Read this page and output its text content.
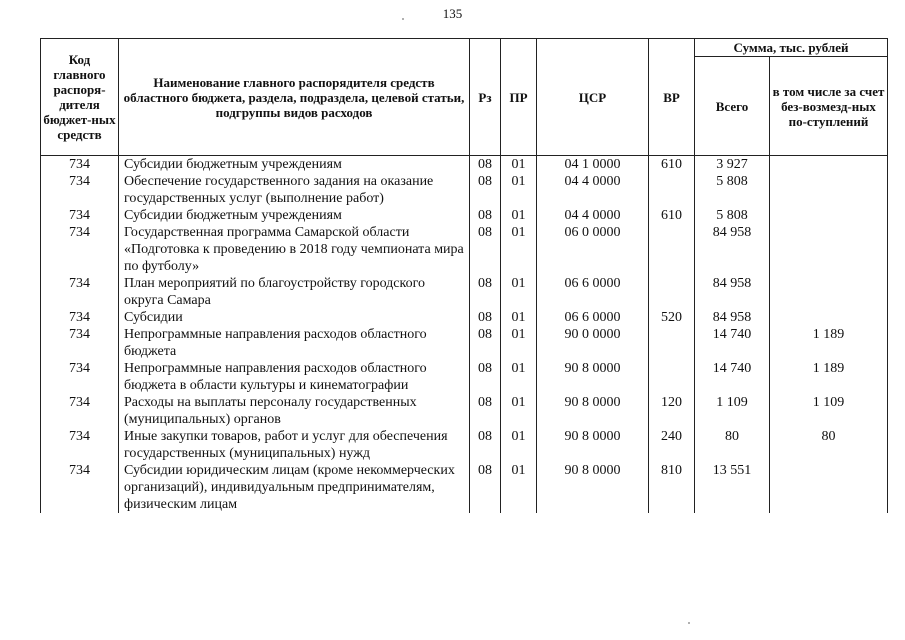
135
Код главного распоря-дителя бюджет-ных средств	Наименование главного распорядителя средств областного бюджета, раздела, подраздела, целевой статьи, подгруппы видов расходов	Рз	ПР	ЦСР	ВР	Сумма, тыс. рублей	
						Всего	в том числе за счет без-возмезд-ных по-ступлений
734	Субсидии бюджетным учреждениям	08	01	04 1 0000	610	3 927	
734	Обеспечение государственного задания на оказание государственных услуг (выполнение работ)	08	01	04 4 0000		5 808	
734	Субсидии бюджетным учреждениям	08	01	04 4 0000	610	5 808	
734	Государственная программа Самарской области «Подготовка к проведению в 2018 году чемпионата мира по футболу»	08	01	06 0 0000		84 958	
734	План мероприятий по благоустройству городского округа Самара	08	01	06 6 0000		84 958	
734	Субсидии	08	01	06 6 0000	520	84 958	
734	Непрограммные направления расходов областного бюджета	08	01	90 0 0000		14 740	1 189
734	Непрограммные направления расходов областного бюджета в области культуры и кинематографии	08	01	90 8 0000		14 740	1 189
734	Расходы на выплаты персоналу государственных (муниципальных) органов	08	01	90 8 0000	120	1 109	1 109
734	Иные закупки товаров, работ и услуг для обеспечения государственных (муниципальных) нужд	08	01	90 8 0000	240	80	80
734	Субсидии юридическим лицам (кроме некоммерческих организаций), индивидуальным предпринимателям, физическим лицам	08	01	90 8 0000	810	13 551	
